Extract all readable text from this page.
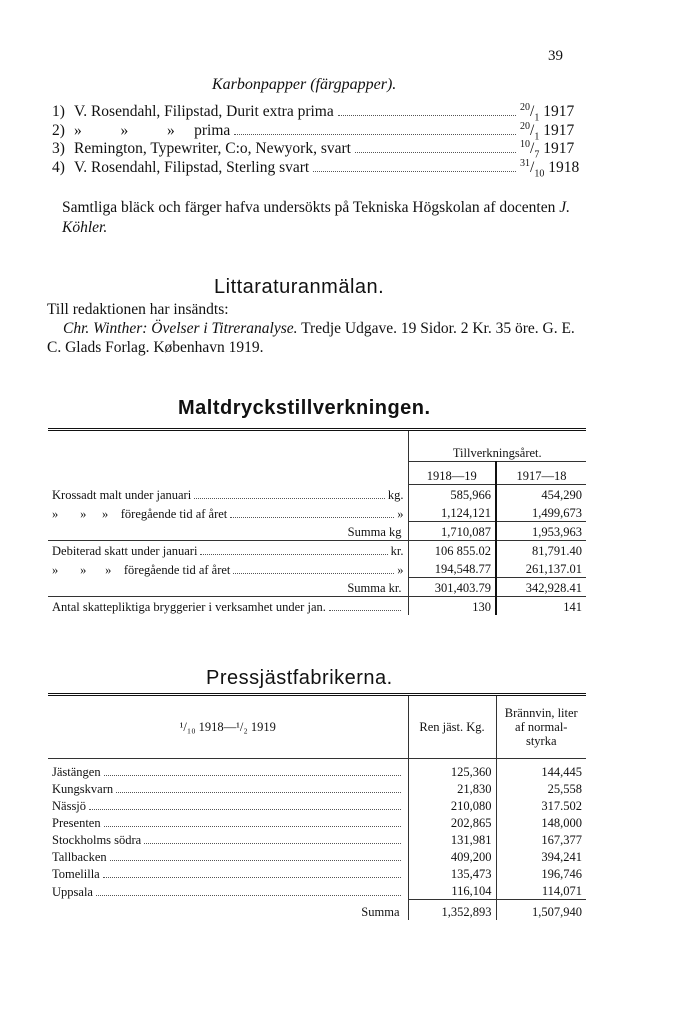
39
Karbonpapper (färgpapper).
1) V. Rosendahl, Filipstad, Durit extra prima	$^{20}/_1$ 1917
2) »          »          »     prima	$^{20}/_1$ 1917
3) Remington, Typewriter, C:o, Newyork, svart	$^{10}/_7$ 1917
4) V. Rosendahl, Filipstad, Sterling svart	$^{31}/_{10}$ 1918
Samtliga bläck och färger hafva undersökts på Tekniska Högskolan af docenten J. Köhler.
Littaraturanmälan.
Till redaktionen har insändts:
Chr. Winther: Övelser i Titreranalyse. Tredje Udgave. 19 Sidor. 2 Kr. 35 öre. G. E. C. Glads Forlag. København 1919.
Maltdryckstillverkningen.
	Tillverkningsåret.	
	1918—19	1917—18

Krossadt malt under januari kg.	585,966	454,290

»       »     »    föregående tid af året »	1,124,121	1,499,673
Summa kg	1,710,087	1,953,963

Debiterad skatt under januari kr.	106 855.02	81,791.40

»       »      »    föregående tid af året »	194,548.77	261,137.01
Summa kr.	301,403.79	342,928.41

Antal skattepliktiga bryggerier i verksamhet under jan.	130	141
Pressjästfabrikerna.
¹/₁₀ 1918—¹/₂ 1919	Ren jäst. Kg.	Brännvin, liter af normal- styrka

Jästängen	125,360	144,445

Kungskvarn	21,830	25,558

Nässjö	210,080	317.502

Presenten	202,865	148,000

Stockholms södra	131,981	167,377

Tallbacken	409,200	394,241

Tomelilla	135,473	196,746

Uppsala	116,104	114,071
Summa	1,352,893	1,507,940
